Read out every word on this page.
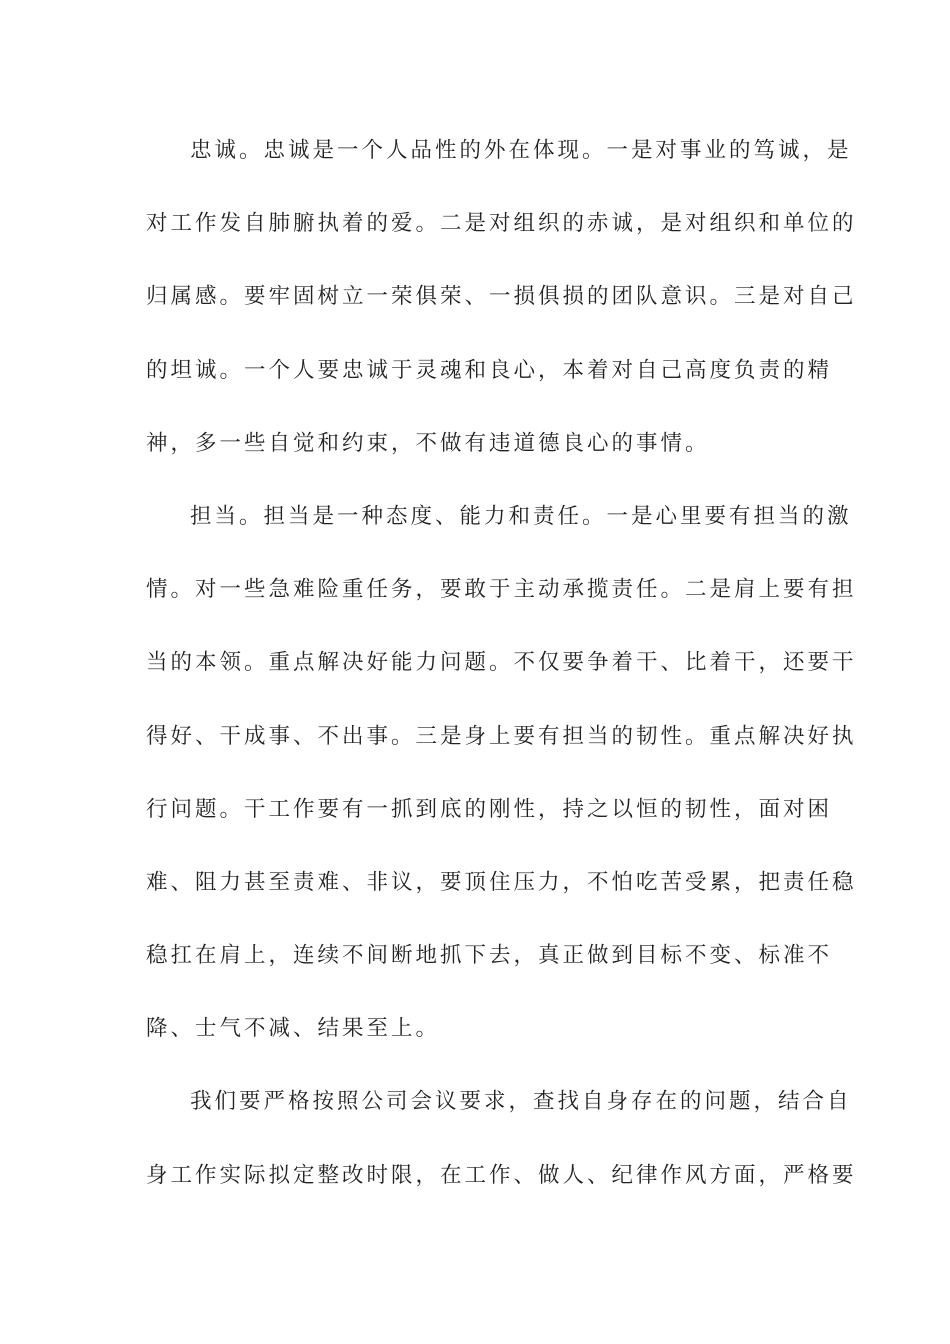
忠诚。忠诚是一个人品性的外在体现。一是对事业的笃诚，是
对工作发自肺腑执着的爱。二是对组织的赤诚，是对组织和单位的
归属感。要牢固树立一荣俱荣、一损俱损的团队意识。三是对自己
的坦诚。一个人要忠诚于灵魂和良心，本着对自己高度负责的精
神，多一些自觉和约束，不做有违道德良心的事情。
担当。担当是一种态度、能力和责任。一是心里要有担当的激
情。对一些急难险重任务，要敢于主动承揽责任。二是肩上要有担
当的本领。重点解决好能力问题。不仅要争着干、比着干，还要干
得好、干成事、不出事。三是身上要有担当的韧性。重点解决好执
行问题。干工作要有一抓到底的刚性，持之以恒的韧性，面对困
难、阻力甚至责难、非议，要顶住压力，不怕吃苦受累，把责任稳
稳扛在肩上，连续不间断地抓下去，真正做到目标不变、标准不
降、士气不减、结果至上。
我们要严格按照公司会议要求，查找自身存在的问题，结合自
身工作实际拟定整改时限，在工作、做人、纪律作风方面，严格要
